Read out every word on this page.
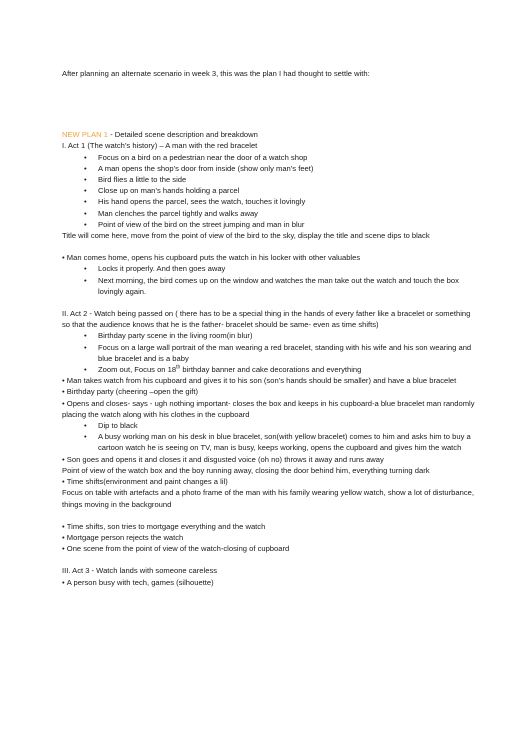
After planning an alternate scenario in week 3, this was the plan I had thought to settle with:

NEW PLAN 1 - Detailed scene description and breakdown

I. Act 1 (The watch’s history) – A man with the red bracelet

• Focus on a bird on a pedestrian near the door of a watch shop
• A man opens the shop’s door from inside (show only man’s feet)
• Bird flies a little to the side
• Close up on man’s hands holding a parcel
• His hand opens the parcel, sees the watch, touches it lovingly
• Man clenches the parcel tightly and walks away
• Point of view of the bird on the street jumping and man in blur

Title will come here, move from the point of view of the bird to the sky, display the title and scene dips to black

• Man comes home, opens his cupboard puts the watch in his locker with other valuables

• Locks it properly. And then goes away
• Next morning, the bird comes up on the window and watches the man take out the watch and touch the box lovingly again.

II. Act 2 - Watch being passed on ( there has to be a special thing in the hands of every father like a bracelet or something so that the audience knows that he is the father- bracelet should be same- even as time shifts)

• Birthday party scene in the living room(in blur)
• Focus on a large wall portrait of the man wearing a red bracelet, standing with his wife and his son wearing and blue bracelet and is a baby
• Zoom out, Focus on 18th birthday banner and cake decorations and everything

• Man takes watch from his cupboard and gives it to his son (son’s hands should be smaller) and have a blue bracelet

• Birthday party (cheering –open the gift)

• Opens and closes- says - ugh nothing important- closes the box and keeps in his cupboard-a blue bracelet man randomly placing the watch along with his clothes in the cupboard

• Dip to black
• A busy working man on his desk in blue bracelet, son(with yellow bracelet) comes to him and asks him to buy a cartoon watch he is seeing on TV, man is busy, keeps working, opens the cupboard and gives him the watch

• Son goes and opens it and closes it and disgusted voice (oh no) throws it away and runs away

Point of view of the watch box and the boy running away, closing the door behind him, everything turning dark

• Time shifts(environment and paint changes a lil)

Focus on table with artefacts and a photo frame of the man with his family wearing yellow watch, show a lot of disturbance, things moving in the background

• Time shifts, son tries to mortgage everything and the watch

• Mortgage person rejects the watch

• One scene from the point of view of the watch-closing of cupboard

III. Act 3 - Watch lands with someone careless

• A person busy with tech, games (silhouette)
